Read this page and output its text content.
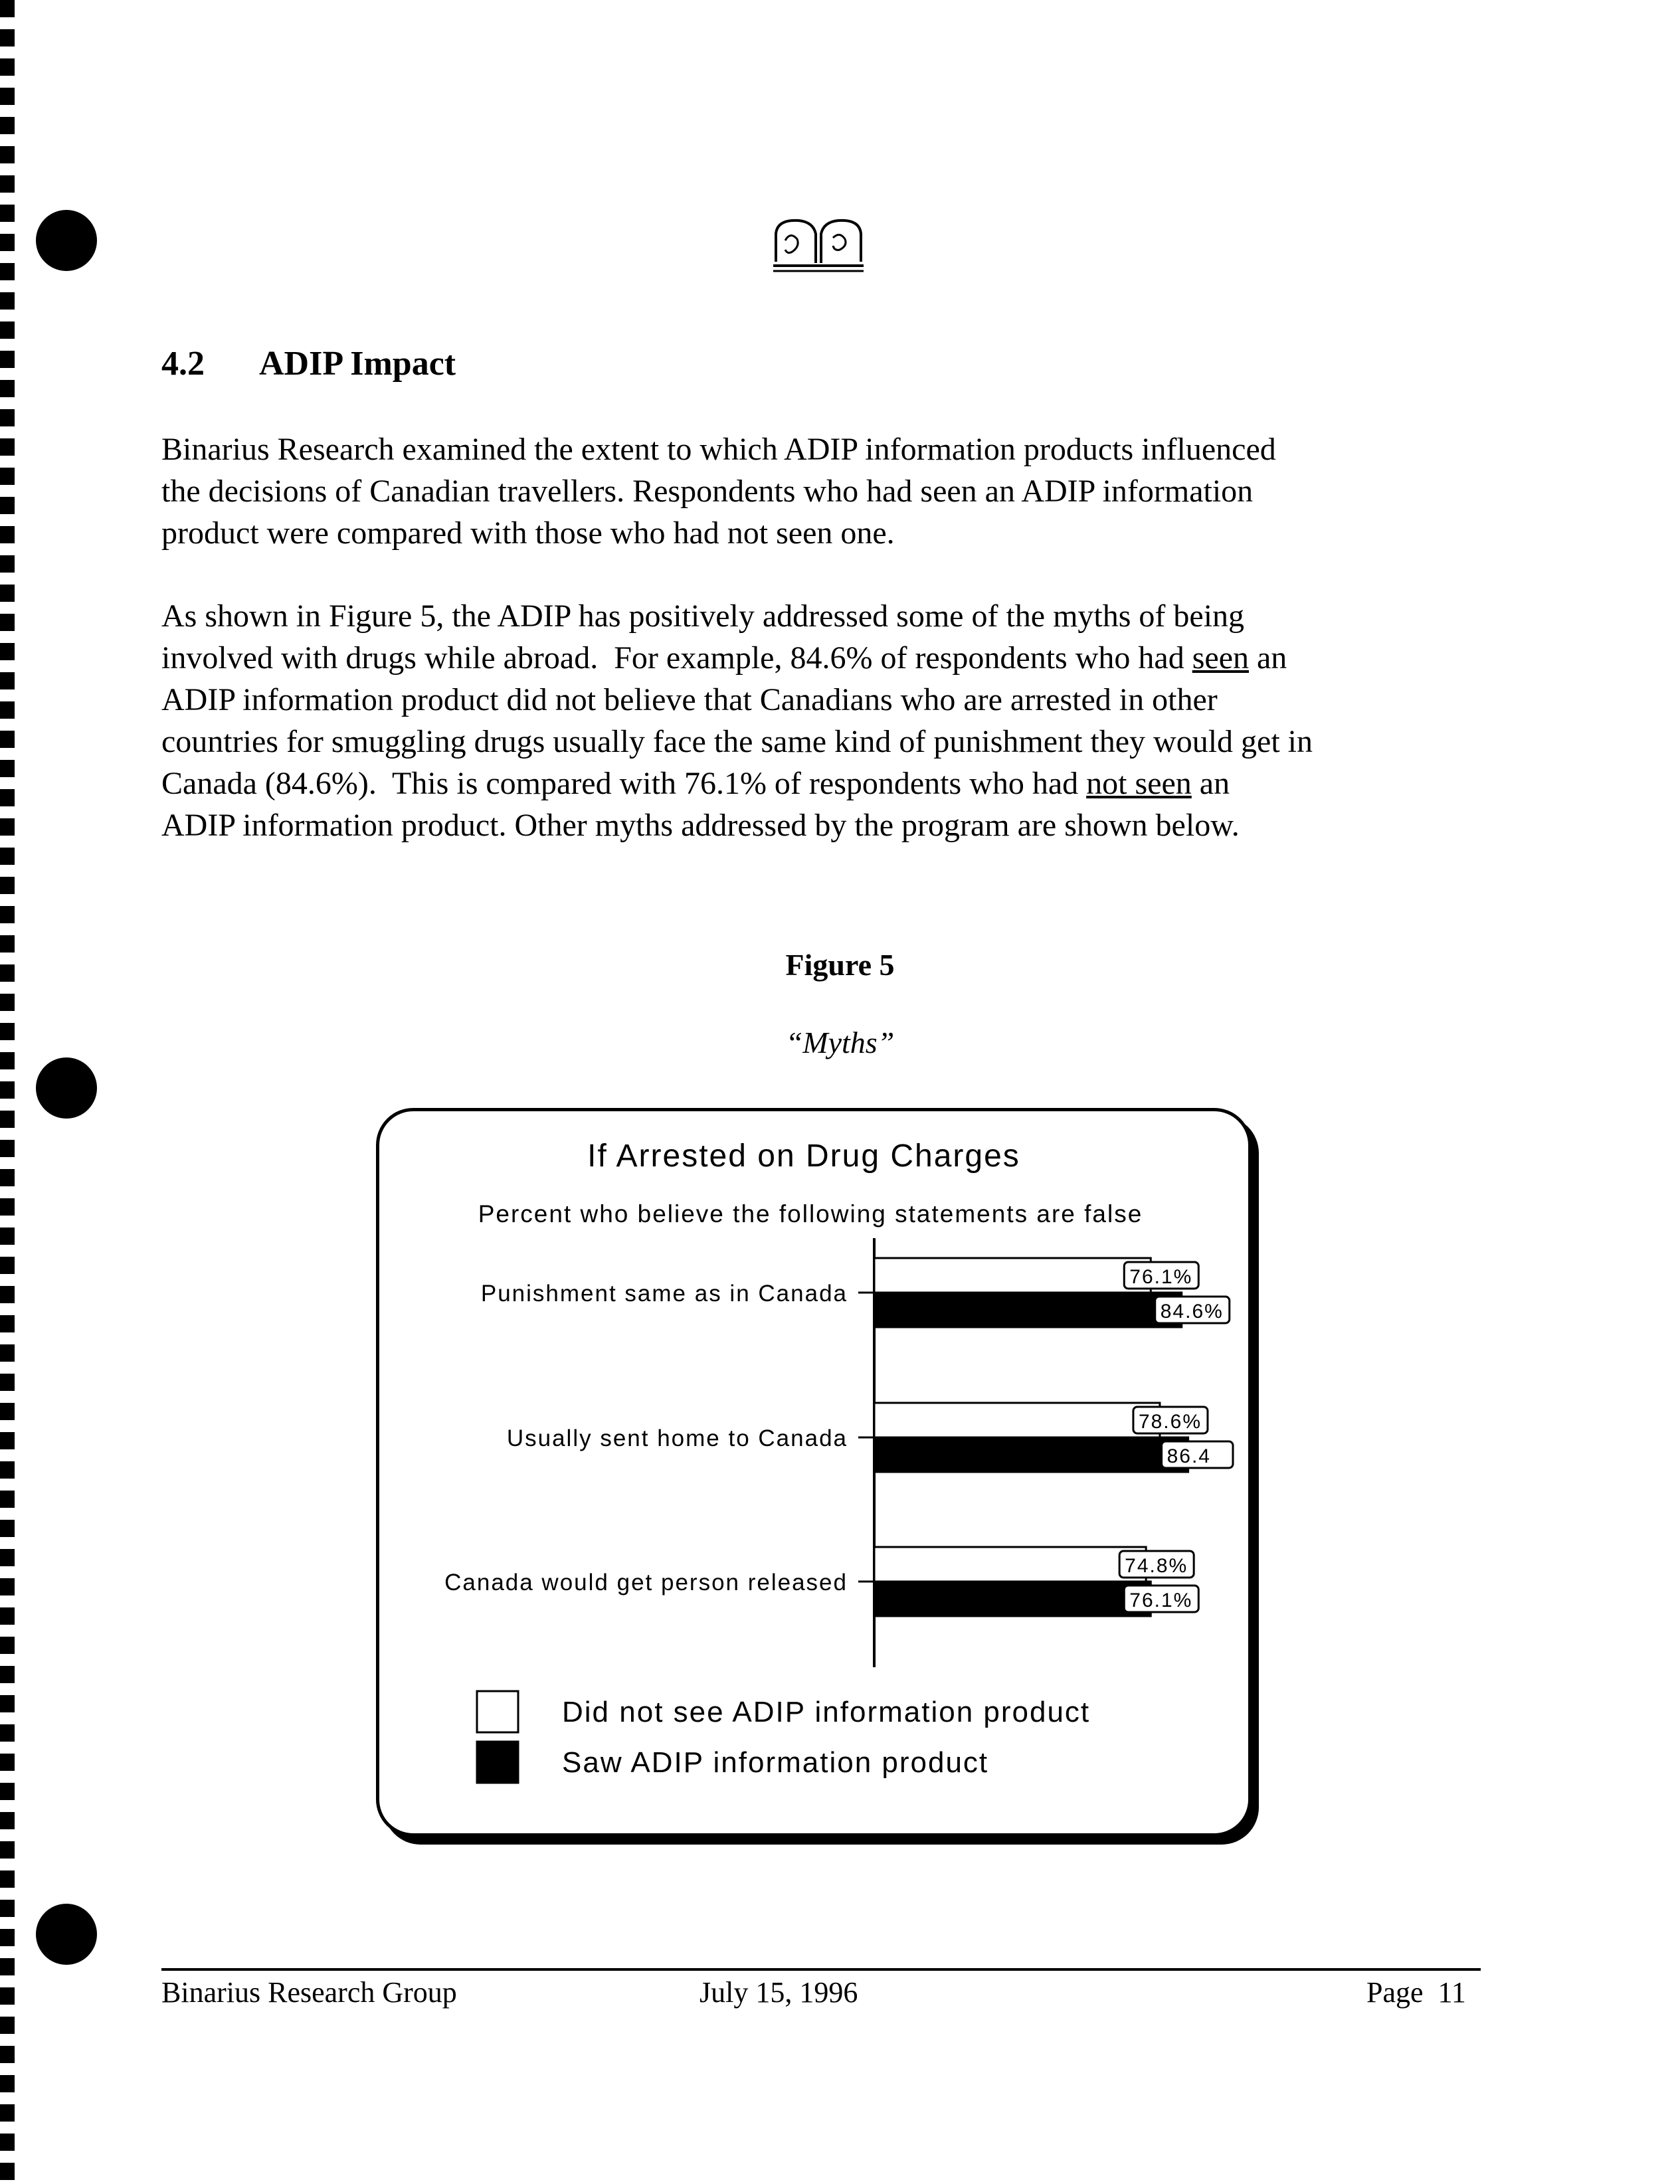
4.2 ADIP Impact
Binarius Research examined the extent to which ADIP information products influenced
the decisions of Canadian travellers. Respondents who had seen an ADIP information
product were compared with those who had not seen one.
As shown in Figure 5, the ADIP has positively addressed some of the myths of being
involved with drugs while abroad.  For example, 84.6% of respondents who had seen an
ADIP information product did not believe that Canadians who are arrested in other
countries for smuggling drugs usually face the same kind of punishment they would get in
Canada (84.6%).  This is compared with 76.1% of respondents who had not seen an
ADIP information product. Other myths addressed by the program are shown below.
Figure 5
“Myths”
If Arrested on Drug Charges
Percent who believe the following statements are false
Punishment same as in Canada
76.1%
84.6%
Usually sent home to Canada
78.6%
86.4
Canada would get person released
74.8%
76.1%
Did not see ADIP information product
Saw ADIP information product
Binarius Research Group	July 15, 1996	Page  11
